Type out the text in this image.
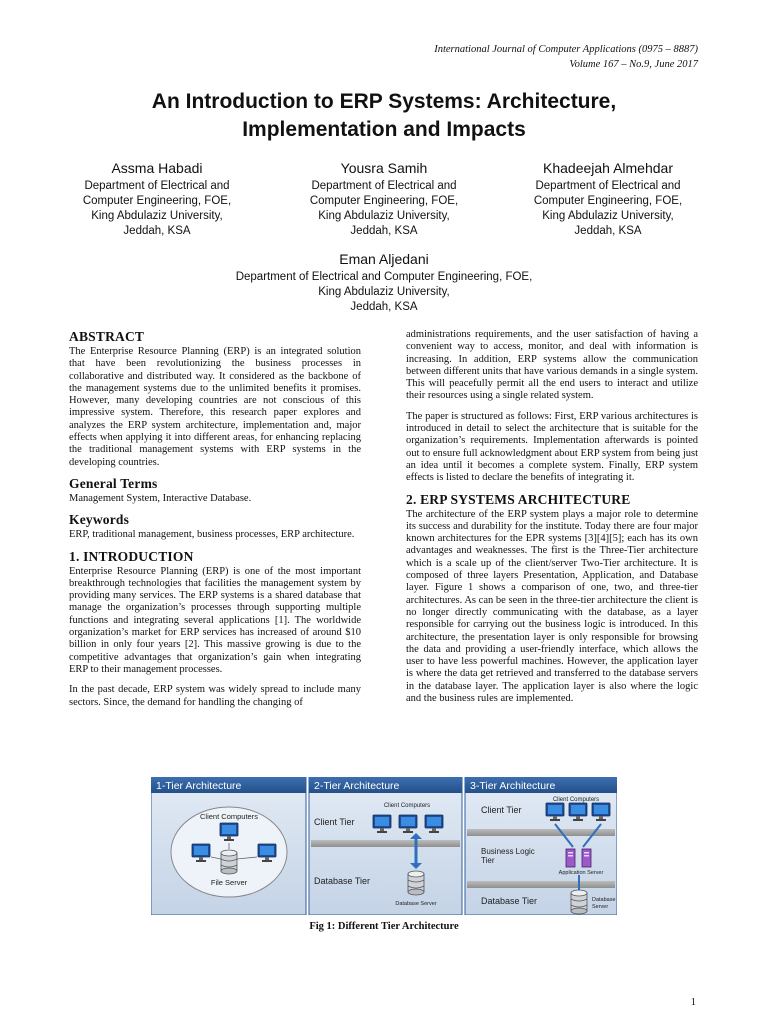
International Journal of Computer Applications (0975 – 8887)
Volume 167 – No.9, June 2017
An Introduction to ERP Systems: Architecture,
Implementation and Impacts
Assma Habadi
Department of Electrical and
Computer Engineering, FOE,
King Abdulaziz University,
Jeddah, KSA
Yousra Samih
Department of Electrical and
Computer Engineering, FOE,
King Abdulaziz University,
Jeddah, KSA
Khadeejah Almehdar
Department of Electrical and
Computer Engineering, FOE,
King Abdulaziz University,
Jeddah, KSA
Eman Aljedani
Department of Electrical and Computer Engineering, FOE,
King Abdulaziz University,
Jeddah, KSA
ABSTRACT

The Enterprise Resource Planning (ERP) is an integrated solution that have been revolutionizing the business processes in collaborative and distributed way. It considered as the backbone of the management systems due to the unlimited benefits it promises. However, many developing countries are not conscious of this impressive system. Therefore, this research paper explores and analyzes the ERP system architecture, implementation and, major effects when applying it into different areas, for enhancing replacing the traditional management systems with ERP systems in the developing countries.

General Terms

Management System, Interactive Database.

Keywords

ERP, traditional management, business processes, ERP architecture.

1. INTRODUCTION

Enterprise Resource Planning (ERP) is one of the most important breakthrough technologies that facilities the management system by providing many services. The ERP systems is a shared database that manage the organization’s processes through supporting multiple functions and integrating several applications [1]. The worldwide organization’s market for ERP services has increased of around $10 billion in only four years [2]. This massive growing is due to the competitive advantages that organization’s gain when integrating ERP to their management processes.

In the past decade, ERP system was widely spread to include many sectors. Since, the demand for handling the changing of

administrations requirements, and the user satisfaction of having a convenient way to access, monitor, and deal with information is increasing. In addition, ERP systems allow the communication between different units that have various demands in a single system. This will peacefully permit all the end users to interact and utilize their resources using a single related system.

The paper is structured as follows: First, ERP various architectures is introduced in detail to select the architecture that is suitable for the organization’s requirements. Implementation afterwards is pointed out to ensure full acknowledgment about ERP system from being just an idea until it becomes a complete system. Finally, ERP system effects is listed to declare the benefits of integrating it.

2. ERP SYSTEMS ARCHITECTURE

The architecture of the ERP system plays a major role to determine its success and durability for the institute. Today there are four major known architectures for the EPR systems [3][4][5]; each has its own advantages and weaknesses. The first is the Three-Tier architecture which is a scale up of the client/server Two-Tier architecture. It is composed of three layers Presentation, Application, and Database layer. Figure 1 shows a comparison of one, two, and three-tier architectures. As can be seen in the three-tier architecture the client is no longer directly communicating with the database, as a layer responsible for carrying out the business logic is introduced. In this architecture, the presentation layer is only responsible for browsing the data and providing a user-friendly interface, which allows the user to have less powerful machines. However, the application layer is where the data get retrieved and transferred to the database servers in the database layer. The application layer is also where the logic and the business rules are implemented.

1-Tier Architecture
Client Computers
File Server
2-Tier Architecture
Client Computers
Client Tier
Database Tier
Database Server
3-Tier Architecture
Client Computers
Client Tier
Business Logic
Tier
Application Server
Database Tier	Database
Server
Fig 1: Different Tier Architecture
1
